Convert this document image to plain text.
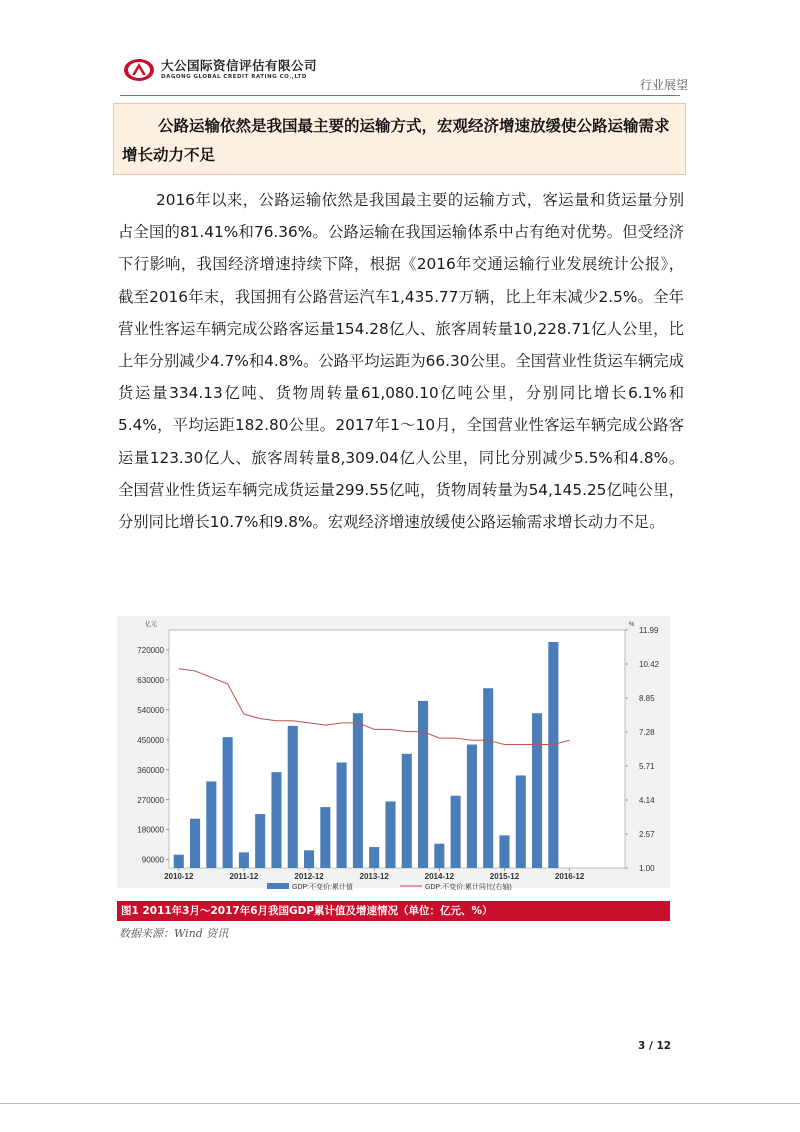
大公国际资信评估有限公司
DAGONG GLOBAL CREDIT RATING CO.,LTD
行业展望
公路运输依然是我国最主要的运输方式，宏观经济增速放缓使公路运输需求增长动力不足
2016年以来，公路运输依然是我国最主要的运输方式，客运量和货运量分别占全国的81.41%和76.36%。公路运输在我国运输体系中占有绝对优势。但受经济下行影响，我国经济增速持续下降，根据《2016年交通运输行业发展统计公报》，截至2016年末，我国拥有公路营运汽车1,435.77万辆，比上年末减少2.5%。全年营业性客运车辆完成公路客运量154.28亿人、旅客周转量10,228.71亿人公里，比上年分别减少4.7%和4.8%。公路平均运距为66.30公里。全国营业性货运车辆完成货运量334.13亿吨、货物周转量61,080.10亿吨公里，分别同比增长6.1%和5.4%，平均运距182.80公里。2017年1～10月，全国营业性客运车辆完成公路客运量123.30亿人、旅客周转量8,309.04亿人公里，同比分别减少5.5%和4.8%。全国营业性货运车辆完成货运量299.55亿吨，货物周转量为54,145.25亿吨公里，分别同比增长10.7%和9.8%。宏观经济增速放缓使公路运输需求增长动力不足。
亿元	%
90000
180000
270000
360000
450000
540000
630000
720000
1.00
2.57
4.14
5.71
7.28
8.85
10.42
11.99
2010-12	2011-12	2012-12	2013-12	2014-12	2015-12	2016-12
GDP:不变价:累计值	GDP:不变价:累计同比(右轴)
图1 2011年3月～2017年6月我国GDP累计值及增速情况（单位：亿元、%）
数据来源：Wind 资讯
3 / 12
